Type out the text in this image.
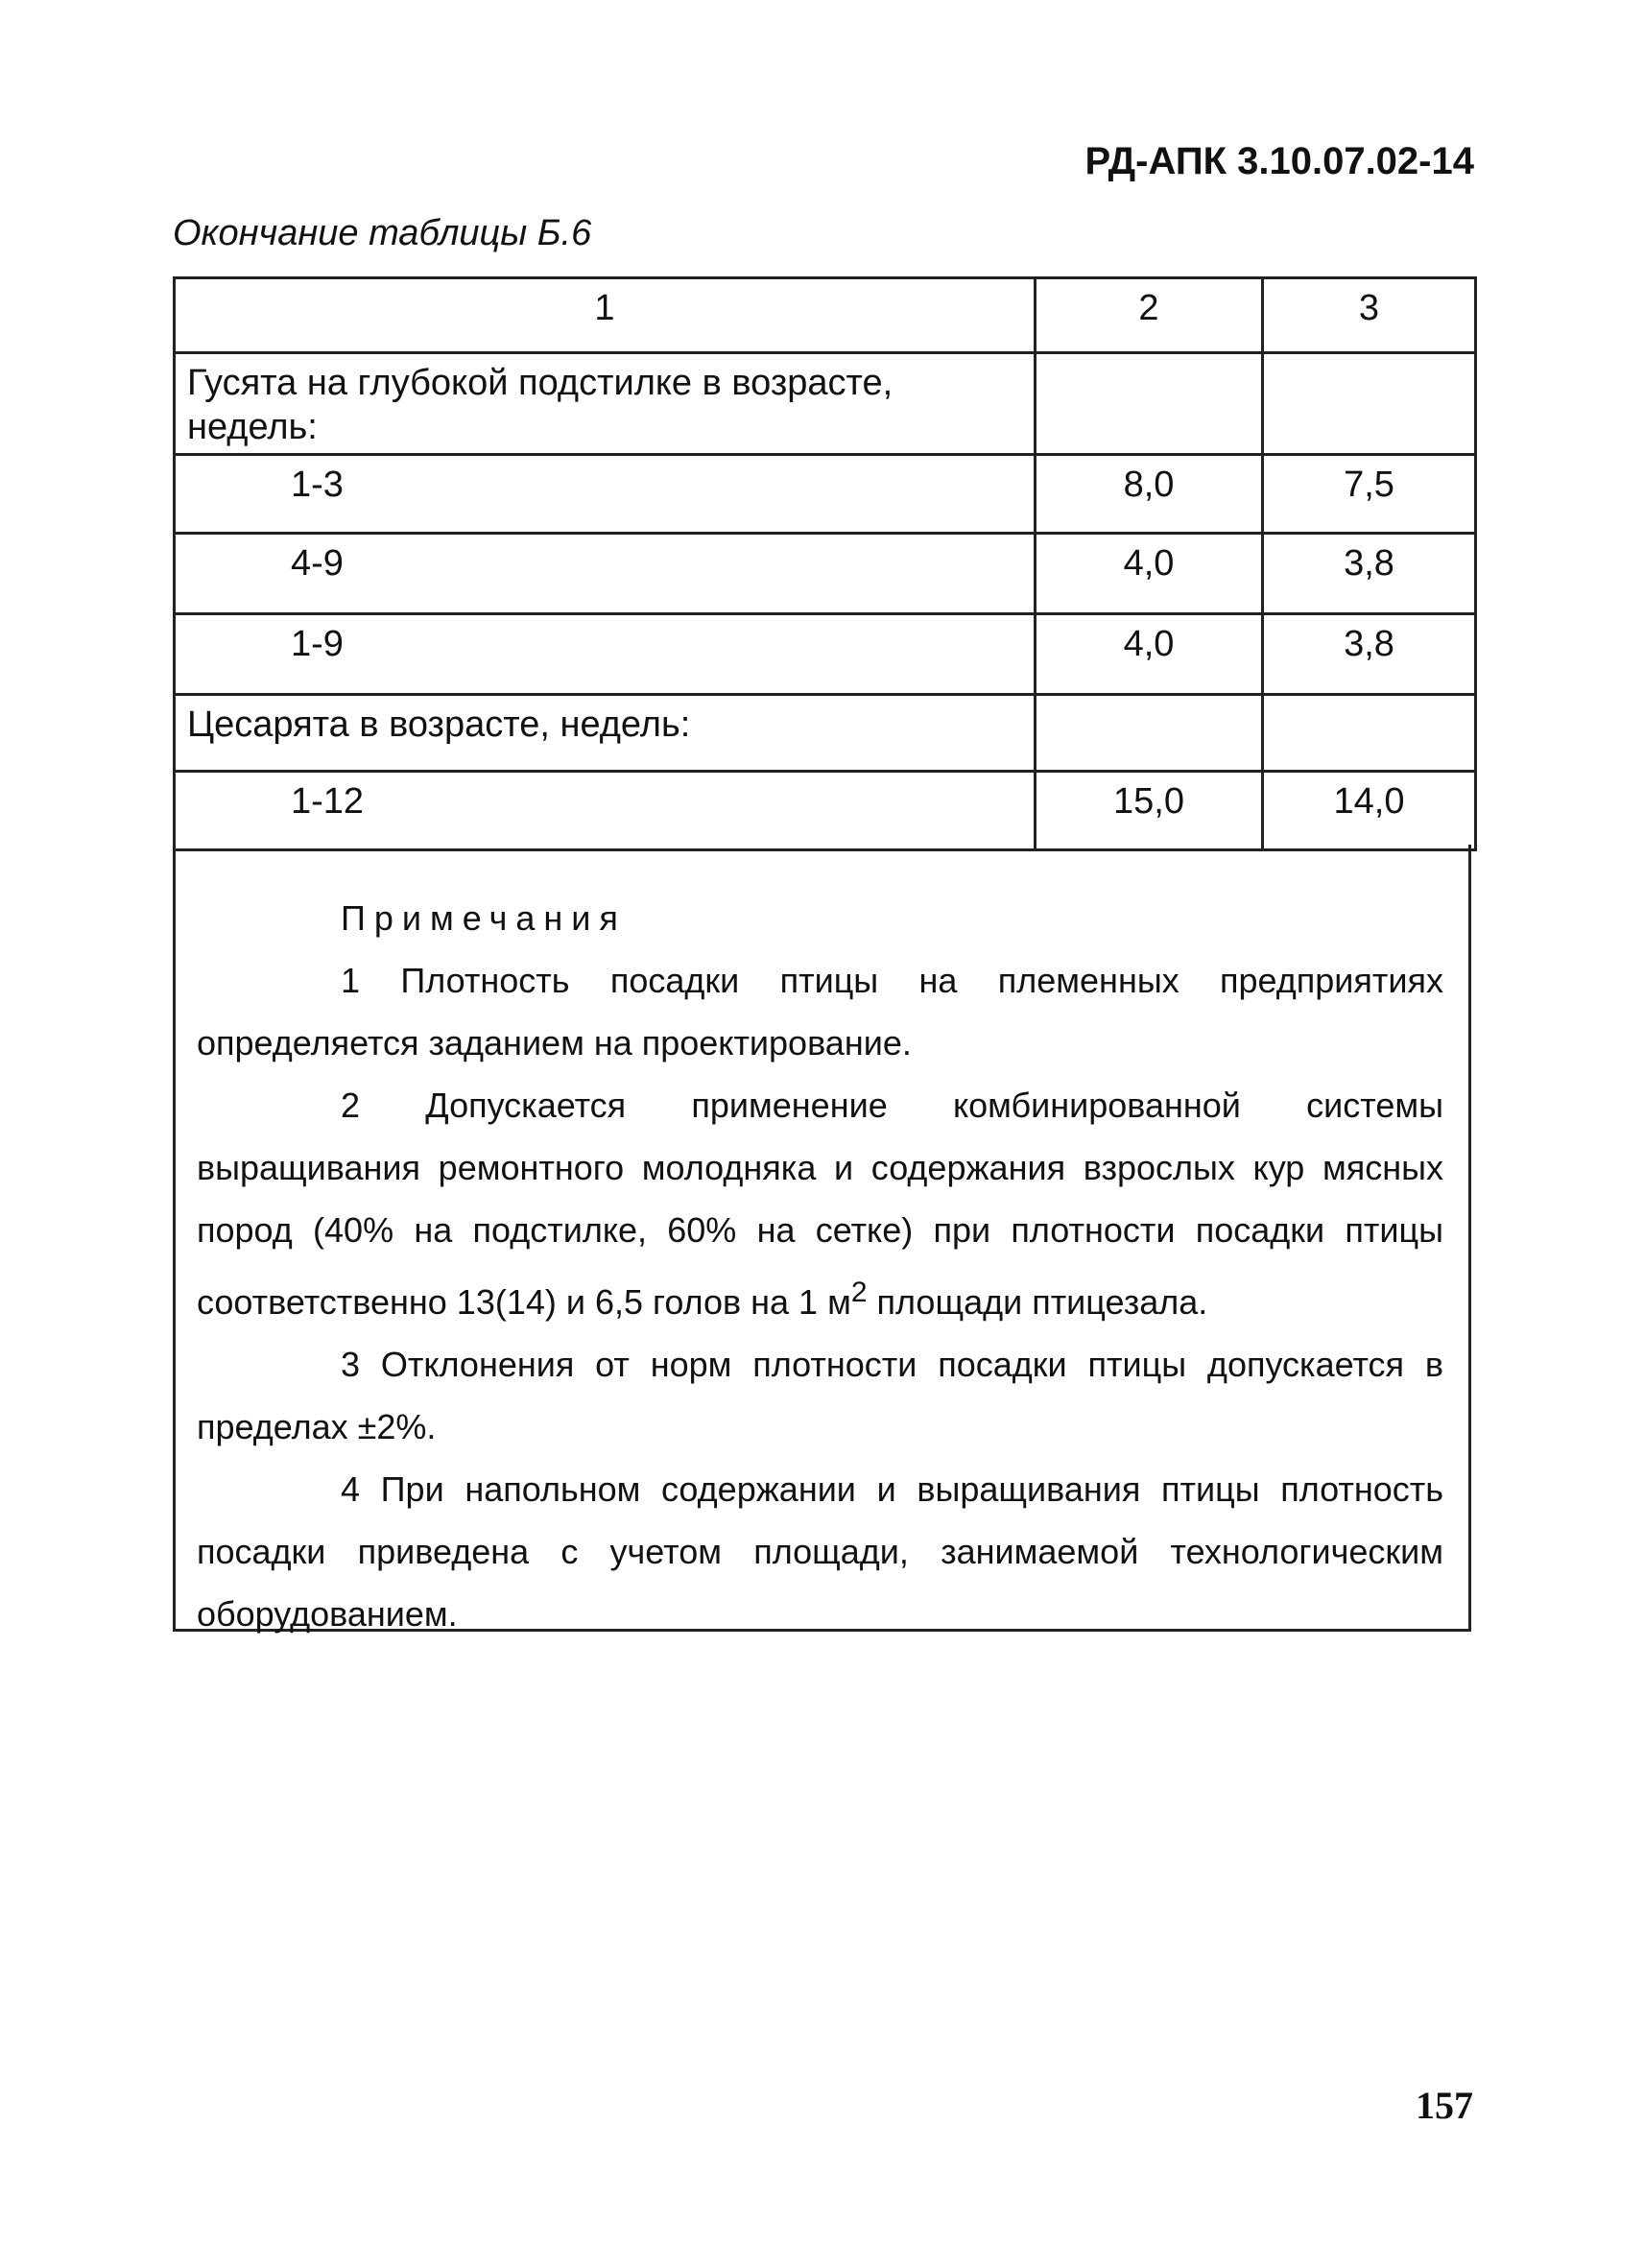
РД-АПК 3.10.07.02-14
Окончание таблицы Б.6
1	2	3
Гусята на глубокой подстилке в возрасте, недель:		
1-3	8,0	7,5
4-9	4,0	3,8
1-9	4,0	3,8
Цесарята в возрасте, недель:		
1-12	15,0	14,0
Примечания

1 Плотность посадки птицы на племенных предприятиях определяется заданием на проектирование.

2 Допускается применение комбинированной системы выращивания ремонтного молодняка и содержания взрослых кур мясных пород (40% на подстилке, 60% на сетке) при плотности посадки птицы соответственно 13(14) и 6,5 голов на 1 $м^2$ площади птицезала.

3 Отклонения от норм плотности посадки птицы допускается в пределах ±2%.

4 При напольном содержании и выращивания птицы плотность посадки приведена с учетом площади, занимаемой технологическим оборудованием.

157
